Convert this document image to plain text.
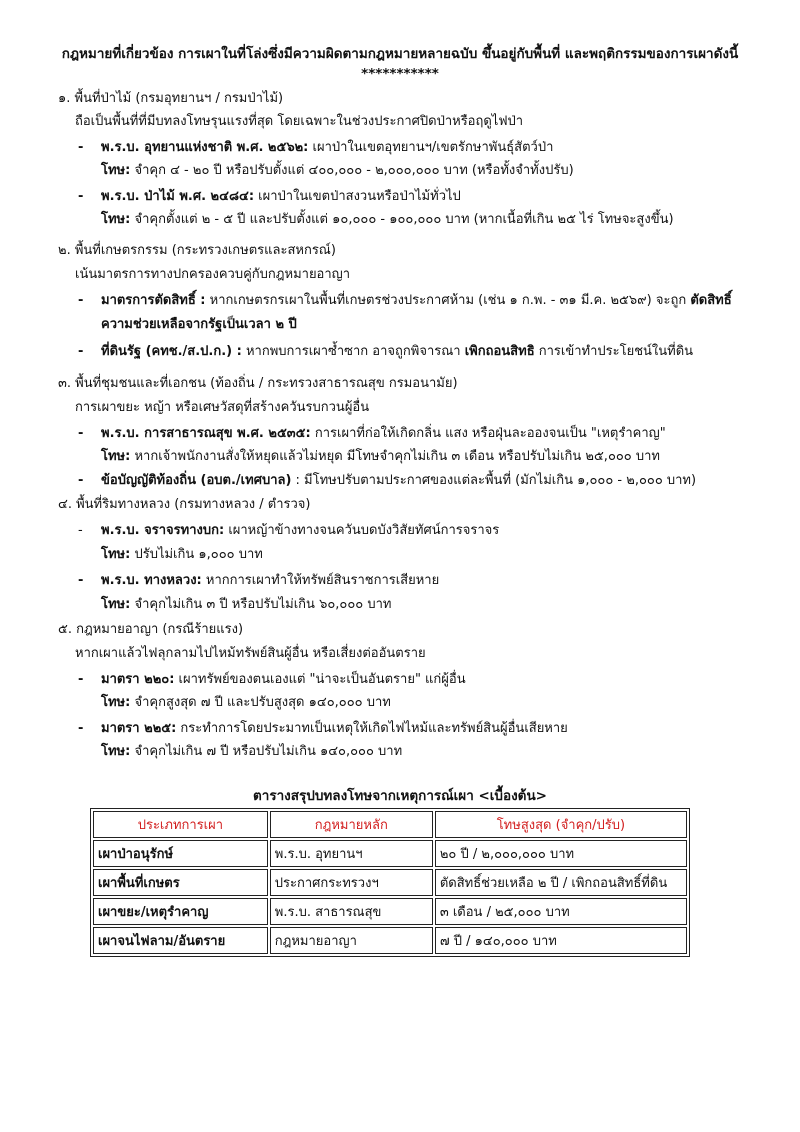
กฎหมายที่เกี่ยวข้อง การเผาในที่โล่งซึ่งมีความผิดตามกฎหมายหลายฉบับ ขึ้นอยู่กับพื้นที่ และพฤติกรรมของการเผาดังนี้
***********
๑. พื้นที่ป่าไม้ (กรมอุทยานฯ / กรมป่าไม้)
ถือเป็นพื้นที่ที่มีบทลงโทษรุนแรงที่สุด โดยเฉพาะในช่วงประกาศปิดป่าหรือฤดูไฟป่า
- พ.ร.บ. อุทยานแห่งชาติ พ.ศ. ๒๕๖๒: เผาป่าในเขตอุทยานฯ/เขตรักษาพันธุ์สัตว์ป่า
โทษ: จำคุก ๔ - ๒๐ ปี หรือปรับตั้งแต่ ๔๐๐,๐๐๐ - ๒,๐๐๐,๐๐๐ บาท (หรือทั้งจำทั้งปรับ)
- พ.ร.บ. ป่าไม้ พ.ศ. ๒๔๘๔: เผาป่าในเขตป่าสงวนหรือป่าไม้ทั่วไป
โทษ: จำคุกตั้งแต่ ๒ - ๕ ปี และปรับตั้งแต่ ๑๐,๐๐๐ - ๑๐๐,๐๐๐ บาท (หากเนื้อที่เกิน ๒๕ ไร่ โทษจะสูงขึ้น)
๒. พื้นที่เกษตรกรรม (กระทรวงเกษตรและสหกรณ์)
เน้นมาตรการทางปกครองควบคู่กับกฎหมายอาญา
- มาตรการตัดสิทธิ์ : หากเกษตรกรเผาในพื้นที่เกษตรช่วงประกาศห้าม (เช่น ๑ ก.พ. - ๓๑ มี.ค. ๒๕๖๙) จะถูก ตัดสิทธิ์
ความช่วยเหลือจากรัฐเป็นเวลา ๒ ปี
- ที่ดินรัฐ (คทช./ส.ป.ก.) : หากพบการเผาซ้ำซาก อาจถูกพิจารณา เพิกถอนสิทธิ การเข้าทำประโยชน์ในที่ดิน
๓. พื้นที่ชุมชนและที่เอกชน (ท้องถิ่น / กระทรวงสาธารณสุข กรมอนามัย)
การเผาขยะ หญ้า หรือเศษวัสดุที่สร้างควันรบกวนผู้อื่น
- พ.ร.บ. การสาธารณสุข พ.ศ. ๒๕๓๕: การเผาที่ก่อให้เกิดกลิ่น แสง หรือฝุ่นละอองจนเป็น "เหตุรำคาญ"
โทษ: หากเจ้าพนักงานสั่งให้หยุดแล้วไม่หยุด มีโทษจำคุกไม่เกิน ๓ เดือน หรือปรับไม่เกิน ๒๕,๐๐๐ บาท
- ข้อบัญญัติท้องถิ่น (อบต./เทศบาล) : มีโทษปรับตามประกาศของแต่ละพื้นที่ (มักไม่เกิน ๑,๐๐๐ - ๒,๐๐๐ บาท)
๔. พื้นที่ริมทางหลวง (กรมทางหลวง / ตำรวจ)
- พ.ร.บ. จราจรทางบก: เผาหญ้าข้างทางจนควันบดบังวิสัยทัศน์การจราจร
โทษ: ปรับไม่เกิน ๑,๐๐๐ บาท
- พ.ร.บ. ทางหลวง: หากการเผาทำให้ทรัพย์สินราชการเสียหาย
โทษ: จำคุกไม่เกิน ๓ ปี หรือปรับไม่เกิน ๖๐,๐๐๐ บาท
๕. กฎหมายอาญา (กรณีร้ายแรง)
หากเผาแล้วไฟลุกลามไปไหม้ทรัพย์สินผู้อื่น หรือเสี่ยงต่ออันตราย
- มาตรา ๒๒๐: เผาทรัพย์ของตนเองแต่ "น่าจะเป็นอันตราย" แก่ผู้อื่น
โทษ: จำคุกสูงสุด ๗ ปี และปรับสูงสุด ๑๔๐,๐๐๐ บาท
- มาตรา ๒๒๕: กระทำการโดยประมาทเป็นเหตุให้เกิดไฟไหม้และทรัพย์สินผู้อื่นเสียหาย
โทษ: จำคุกไม่เกิน ๗ ปี หรือปรับไม่เกิน ๑๔๐,๐๐๐ บาท
ตารางสรุปบทลงโทษจากเหตุการณ์เผา <เบื้องต้น>
ประเภทการเผา	กฎหมายหลัก	โทษสูงสุด (จำคุก/ปรับ)
เผาป่าอนุรักษ์	พ.ร.บ. อุทยานฯ	๒๐ ปี / ๒,๐๐๐,๐๐๐ บาท
เผาพื้นที่เกษตร	ประกาศกระทรวงฯ	ตัดสิทธิ์ช่วยเหลือ ๒ ปี / เพิกถอนสิทธิ์ที่ดิน
เผาขยะ/เหตุรำคาญ	พ.ร.บ. สาธารณสุข	๓ เดือน / ๒๕,๐๐๐ บาท
เผาจนไฟลาม/อันตราย	กฎหมายอาญา	๗ ปี / ๑๔๐,๐๐๐ บาท
